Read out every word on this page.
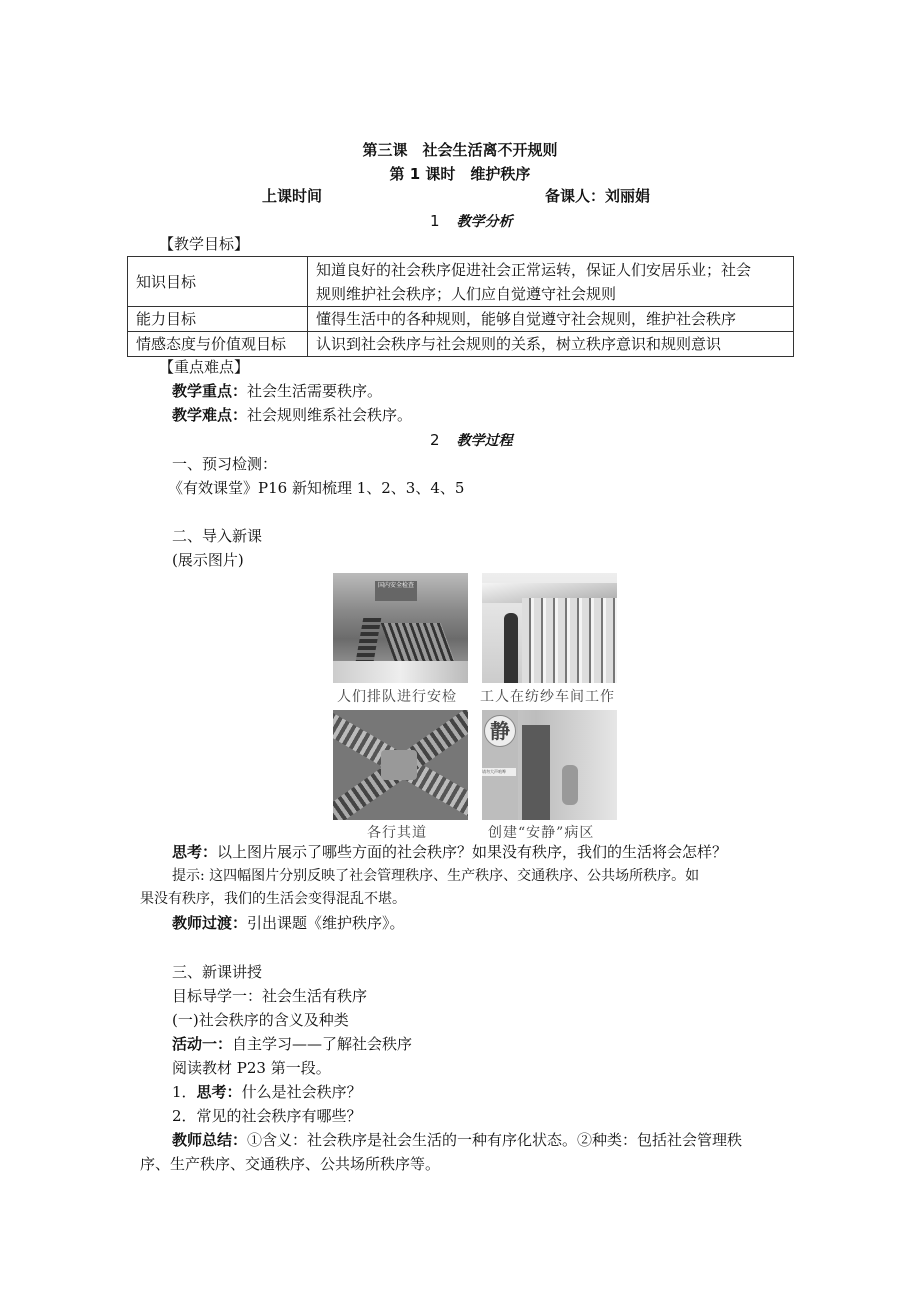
第三课　社会生活离不开规则
第 1 课时　维护秩序
上课时间	备课人：刘丽娟
1 教学分析
【教学目标】
知识目标	知道良好的社会秩序促进社会正常运转，保证人们安居乐业；社会
规则维护社会秩序；人们应自觉遵守社会规则

能力目标	懂得生活中的各种规则，能够自觉遵守社会规则，维护社会秩序
情感态度与价值观目标	认识到社会秩序与社会规则的关系，树立秩序意识和规则意识
【重点难点】
教学重点：社会生活需要秩序。
教学难点：社会规则维系社会秩序。
2 教学过程
一、预习检测：
《有效课堂》P16 新知梳理 1、2、3、4、5
二、导入新课
(展示图片)
国内安全检查
人们排队进行安检 工人在纺纱车间工作
各行其道
静
请勿大声喧哗
创建“安静”病区
思考：以上图片展示了哪些方面的社会秩序？如果没有秩序，我们的生活将会怎样？
提示: 这四幅图片分别反映了社会管理秩序、生产秩序、交通秩序、公共场所秩序。如
果没有秩序，我们的生活会变得混乱不堪。
教师过渡：引出课题《维护秩序》。
三、新课讲授
目标导学一：社会生活有秩序
(一)社会秩序的含义及种类
活动一：自主学习——了解社会秩序
阅读教材 P23 第一段。
1．思考：什么是社会秩序？
2．常见的社会秩序有哪些？
教师总结：①含义：社会秩序是社会生活的一种有序化状态。②种类：包括社会管理秩
序、生产秩序、交通秩序、公共场所秩序等。
